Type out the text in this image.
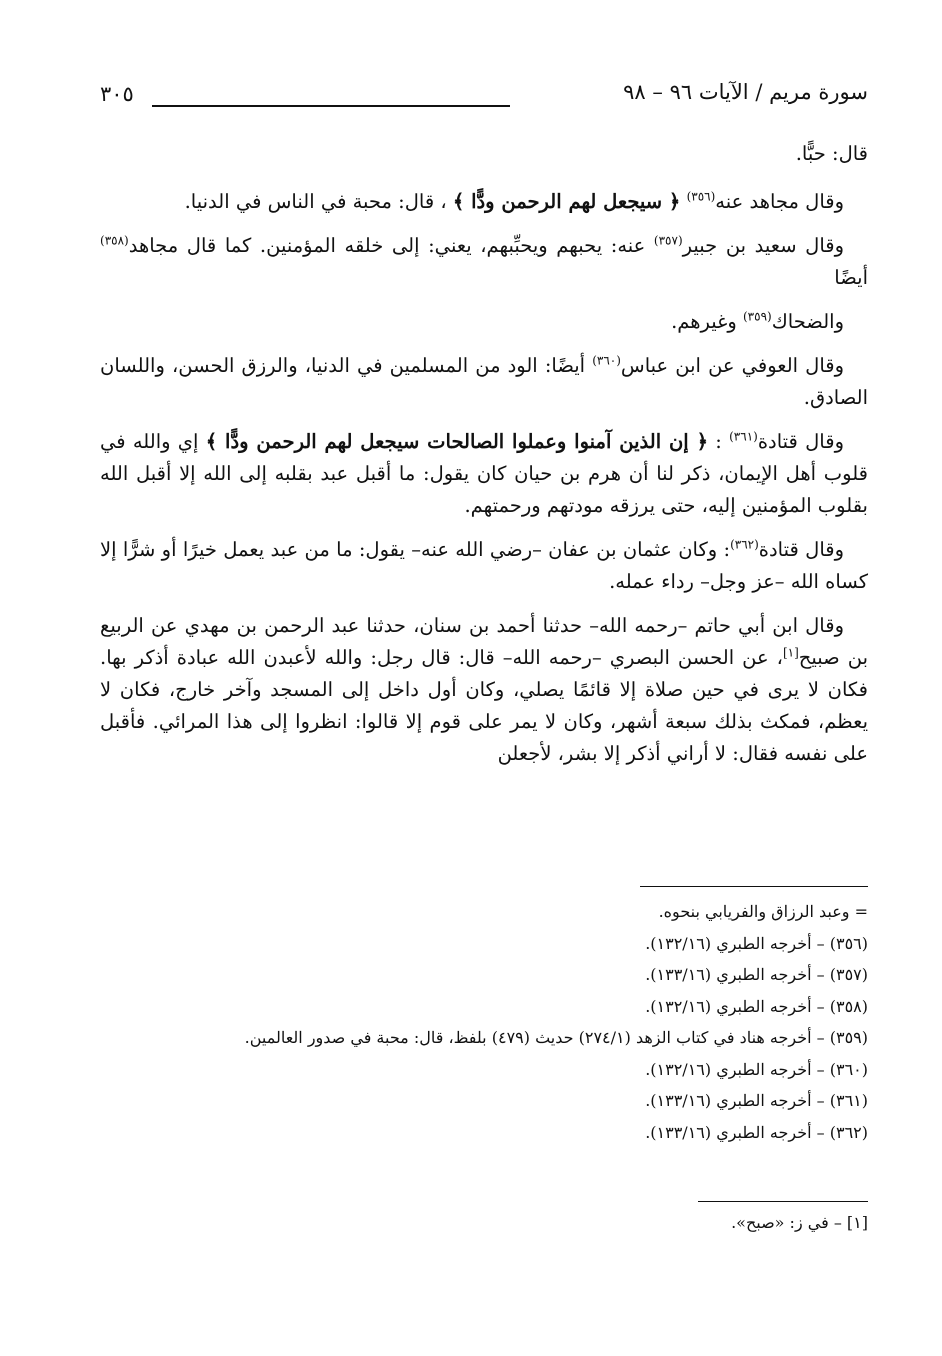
سورة مريم / الآيات ٩٦ – ٩٨
٣٠٥

قال: حبًّا.

وقال مجاهد عنه$^{(٣٥٦)}$ ﴿ سيجعل لهم الرحمن ودًّا ﴾ ، قال: محبة في الناس في الدنيا.

وقال سعيد بن جبير$^{(٣٥٧)}$ عنه: يحبهم ويحبِّبهم، يعني: إلى خلقه المؤمنين. كما قال مجاهد$^{(٣٥٨)}$ أيضًا

والضحاك$^{(٣٥٩)}$ وغيرهم.

وقال العوفي عن ابن عباس$^{(٣٦٠)}$ أيضًا: الود من المسلمين في الدنيا، والرزق الحسن، واللسان الصادق.

وقال قتادة$^{(٣٦١)}$ : ﴿ إن الذين آمنوا وعملوا الصالحات سيجعل لهم الرحمن ودًّا ﴾ إي والله في قلوب أهل الإيمان، ذكر لنا أن هرم بن حيان كان يقول: ما أقبل عبد بقلبه إلى الله إلا أقبل الله بقلوب المؤمنين إليه، حتى يرزقه مودتهم ورحمتهم.

وقال قتادة$^{(٣٦٢)}$: وكان عثمان بن عفان –رضي الله عنه– يقول: ما من عبد يعمل خيرًا أو شرًّا إلا كساه الله –عز وجل– رداء عمله.

وقال ابن أبي حاتم –رحمه الله– حدثنا أحمد بن سنان، حدثنا عبد الرحمن بن مهدي عن الربيع بن صبيح[١]، عن الحسن البصري –رحمه الله– قال: قال رجل: والله لأعبدن الله عبادة أذكر بها. فكان لا يرى في حين صلاة إلا قائمًا يصلي، وكان أول داخل إلى المسجد وآخر خارج، فكان لا يعظم، فمكث بذلك سبعة أشهر، وكان لا يمر على قوم إلا قالوا: انظروا إلى هذا المرائي. فأقبل على نفسه فقال: لا أراني أذكر إلا بشر، لأجعلن

= وعبد الرزاق والفريابي بنحوه.
(٣٥٦) – أخرجه الطبري (١٣٢/١٦).
(٣٥٧) – أخرجه الطبري (١٣٣/١٦).
(٣٥٨) – أخرجه الطبري (١٣٢/١٦).
(٣٥٩) – أخرجه هناد في كتاب الزهد (٢٧٤/١) حديث (٤٧٩) بلفظ، قال: محبة في صدور العالمين.
(٣٦٠) – أخرجه الطبري (١٣٢/١٦).
(٣٦١) – أخرجه الطبري (١٣٣/١٦).
(٣٦٢) – أخرجه الطبري (١٣٣/١٦).
[١] – في ز: «صبح».
